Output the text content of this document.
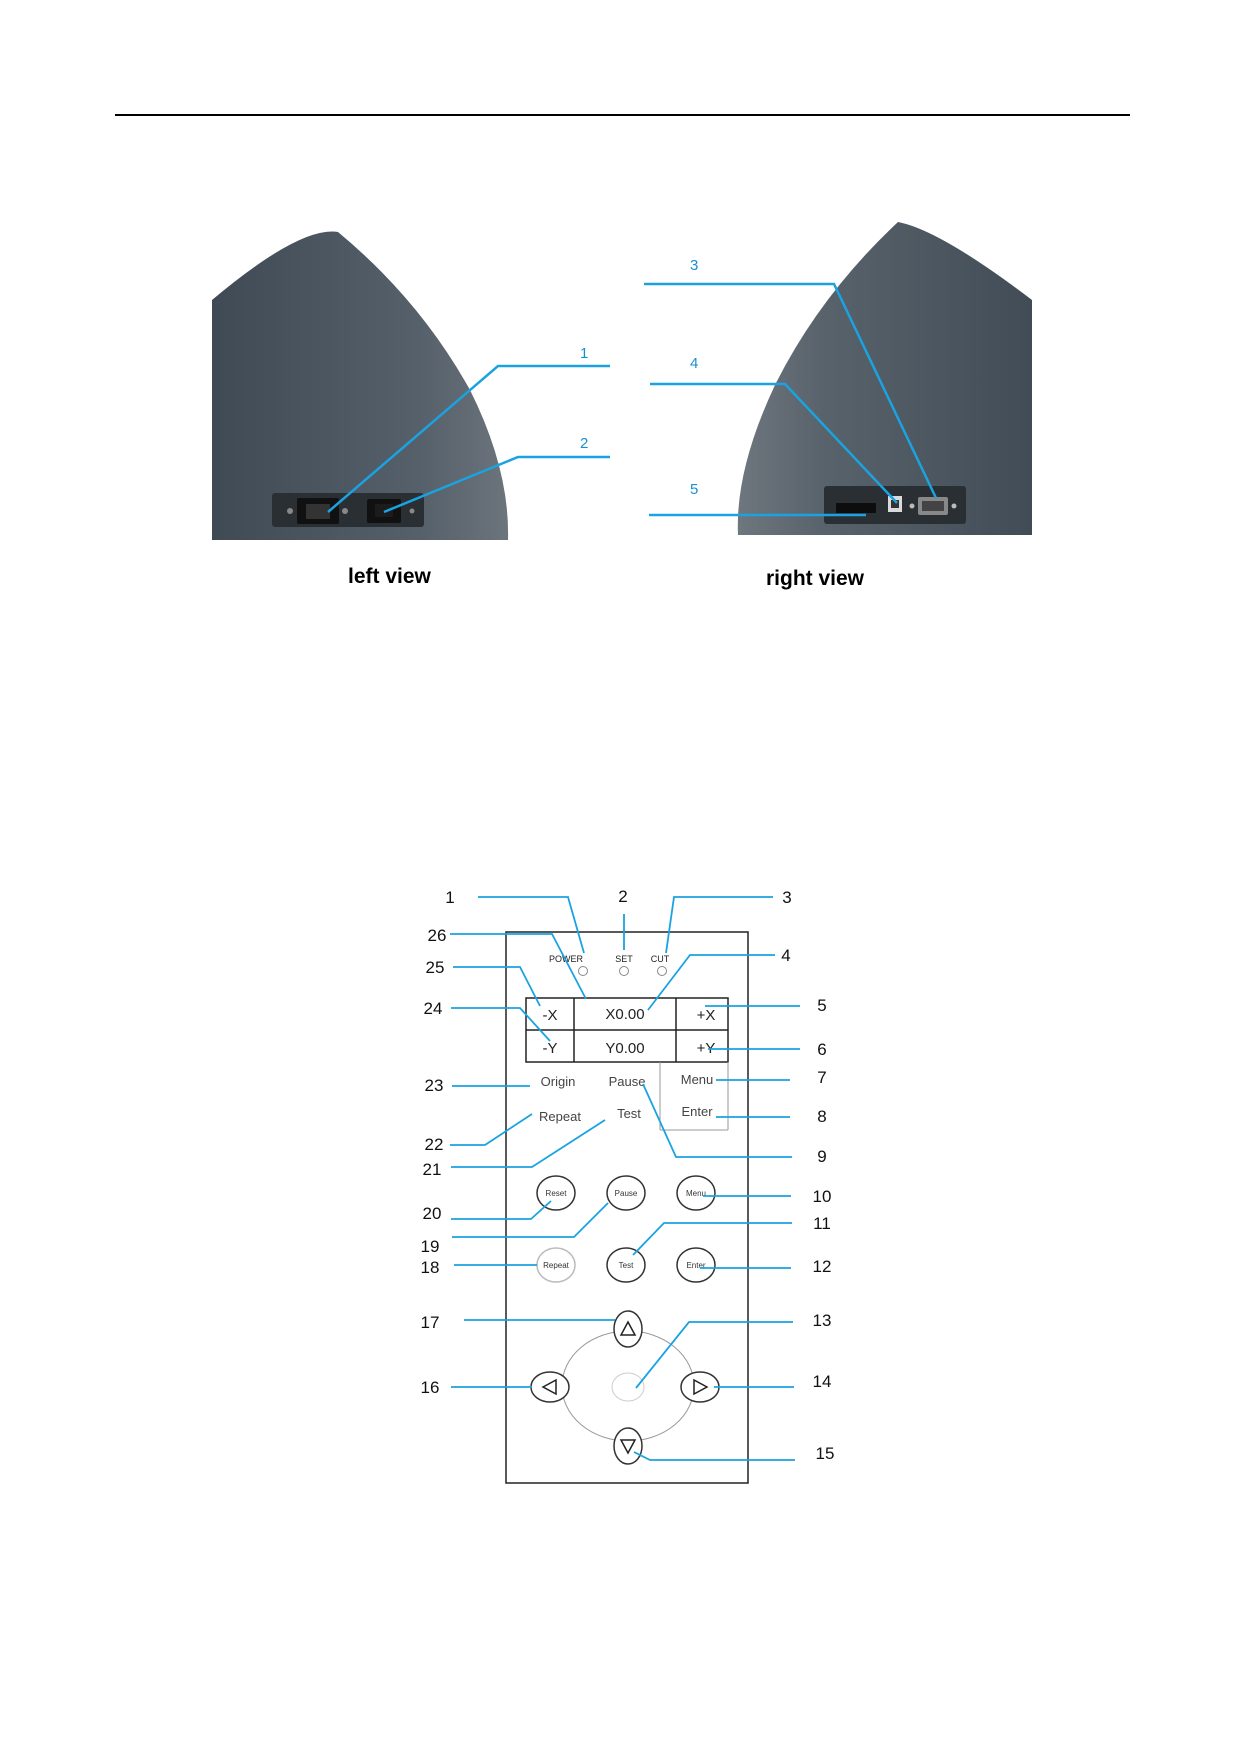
1
2
3
4
5
left view	right view
POWER	SET CUT
-X	X0.00	+X
-Y	Y0.00	+Y
Origin	Pause	Menu
Repeat	Test	Enter
Reset	Pause	Menu
Repeat	Test	Enter
1	2	3
4
5
6
7
8
9
10
11
12
13
14
15
16
17
18
19
20
21
22
23
24
25
26
